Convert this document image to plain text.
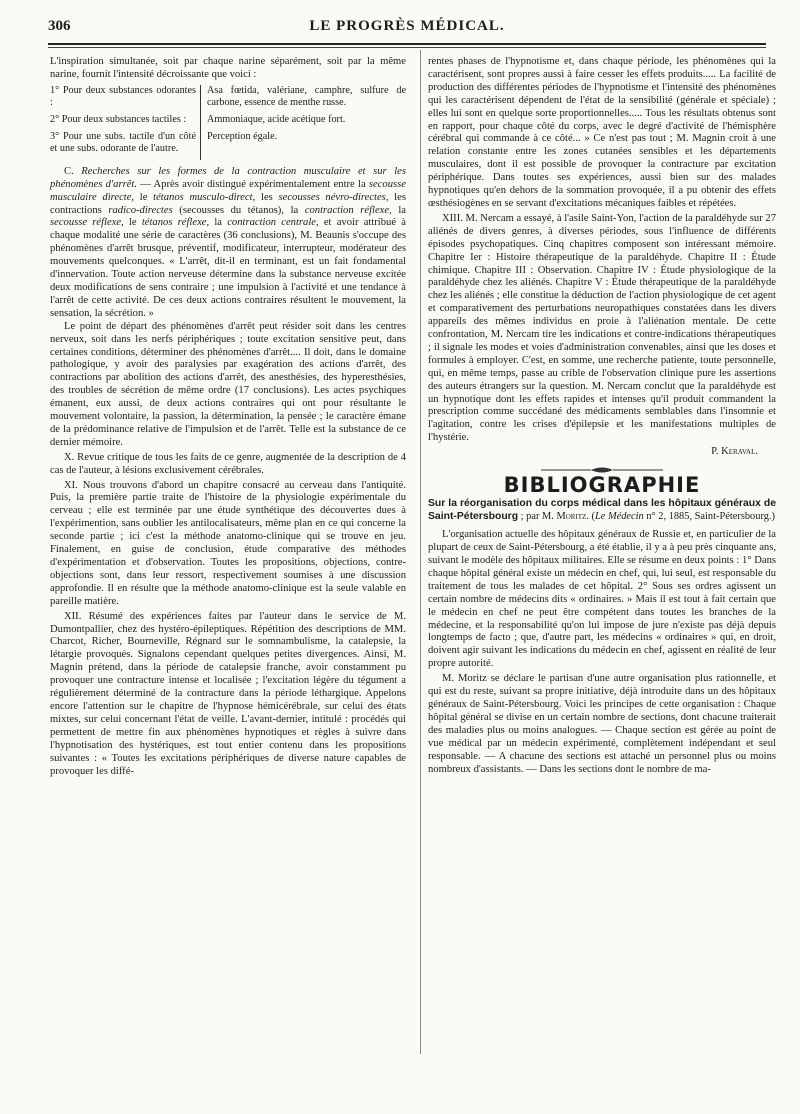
306	LE PROGRÈS MÉDICAL.

L'inspiration simultanée, soit par chaque narine séparément, soit par la même narine, fournit l'intensité décroissante que voici :

1° Pour deux substances odorantes :	Asa fœtida, valériane, camphre, sulfure de carbone, essence de menthe russe.
2° Pour deux substances tactiles :	Ammoniaque, acide acétique fort.
3° Pour une subs. tactile d'un côté et une subs. odorante de l'autre.	Perception égale.

C. Recherches sur les formes de la contraction musculaire et sur les phénomènes d'arrêt. — Après avoir distingué expérimentalement entre la secousse musculaire directe, le tétanos musculo-direct, les secousses névro-directes, les contractions radico-directes (secousses du tétanos), la contraction réflexe, la secousse réflexe, le tétanos réflexe, la contraction centrale, et avoir attribué à chaque modalité une série de caractères (36 conclusions), M. Beaunis s'occupe des phénomènes d'arrêt brusque, préventif, modificateur, interrupteur, modérateur des mouvements quelconques. « L'arrêt, dit-il en terminant, est un fait fondamental d'innervation. Toute action nerveuse détermine dans la substance nerveuse excitée deux modifications de sens contraire ; une impulsion à l'activité et une tendance à l'arrêt de cette activité. De ces deux actions contraires résultent le mouvement, la sensation, la sécrétion. »

Le point de départ des phénomènes d'arrêt peut résider soit dans les centres nerveux, soit dans les nerfs périphériques ; toute excitation sensitive peut, dans certaines conditions, déterminer des phénomènes d'arrêt.... Il doit, dans le domaine pathologique, y avoir des paralysies par exagération des actions d'arrêt, des contractions par abolition des actions d'arrêt, des anesthésies, des hyperesthésies, des troubles de sécrétion de même ordre (17 conclusions). Les actes psychiques émanent, eux aussi, de deux actions contraires qui ont pour résultante le mouvement volontaire, la passion, la détermination, la pensée ; le caractère émane de la prédominance relative de l'impulsion et de l'arrêt. Telle est la substance de ce dernier mémoire.

X. Revue critique de tous les faits de ce genre, augmentée de la description de 4 cas de l'auteur, à lésions exclusivement cérébrales.

XI. Nous trouvons d'abord un chapitre consacré au cerveau dans l'antiquité. Puis, la première partie traite de l'histoire de la physiologie expérimentale du cerveau ; elle est terminée par une étude synthétique des découvertes dues à l'expérimention, sans oublier les antilocalisateurs, même plan en ce qui concerne la seconde partie ; ici c'est la méthode anatomo-clinique qui se trouve en jeu. Finalement, en guise de conclusion, étude comparative des méthodes d'expérimentation et d'observation. Toutes les propositions, objections, contre-objections sont, dans leur ressort, respectivement soumises à une discussion approfondie. Il en résulte que la méthode anatomo-clinique est la seule valable en pareille matière.

XII. Résumé des expériences faites par l'auteur dans le service de M. Dumontpallier, chez des hystéro-épileptiques. Répétition des descriptions de MM. Charcot, Richer, Bourneville, Régnard sur le somnambulisme, la catalepsie, la létargie provoqués. Signalons cependant quelques petites divergences. Ainsi, M. Magnin prétend, dans la période de catalepsie franche, avoir constamment pu provoquer une contracture intense et localisée ; l'excitation légère du tégument a régulièrement déterminé de la contracture dans la période léthargique. Appelons encore l'attention sur le chapitre de l'hypnose hémicérébrale, sur celui des états mixtes, sur celui concernant l'état de veille. L'avant-dernier, intitulé : procédés qui permettent de mettre fin aux phénomènes hypnotiques et règles à suivre dans l'hypnotisation des hystériques, est tout entier contenu dans les propositions suivantes : « Toutes les excitations périphériques de diverse nature capables de provoquer les diffé-

rentes phases de l'hypnotisme et, dans chaque période, les phénomènes qui la caractérisent, sont propres aussi à faire cesser les effets produits..... La facilité de production des différentes périodes de l'hypnotisme et l'intensité des phénomènes qui les caractérisent dépendent de l'état de la sensibilité (générale et spéciale) ; elles lui sont en quelque sorte proportionnelles..... Tous les résultats obtenus sont en rapport, pour chaque côté du corps, avec le degré d'activité de l'hémisphère cérébral qui commande à ce côté... » Ce n'est pas tout ; M. Magnin croit à une relation constante entre les zones cutanées sensibles et les départements musculaires, dont il est possible de provoquer la contracture par excitation périphérique. Dans toutes ses expériences, aussi bien sur des malades hypnotiques qu'en dehors de la sommation provoquée, il a pu obtenir des effets œsthésiogènes en se servant d'excitations mécaniques faibles et répétées.

XIII. M. Nercam a essayé, à l'asile Saint-Yon, l'action de la paraldéhyde sur 27 aliénés de divers genres, à diverses périodes, sous l'influence de différents épisodes psychopatiques. Cinq chapitres composent son intéressant mémoire. Chapitre Ier : Histoire thérapeutique de la paraldéhyde. Chapitre II : Étude chimique. Chapitre III : Observation. Chapitre IV : Étude physiologique de la paraldéhyde chez les aliénés. Chapitre V : Étude thérapeutique de la paraldéhyde chez les aliénés ; elle constitue la déduction de l'action physiologique de cet agent et comparativement des perturbations neuropathiques constatées dans les divers appareils des mêmes individus en proie à l'aliénation mentale. De cette confrontation, M. Nercam tire les indications et contre-indications thérapeutiques ; il signale les modes et voies d'administration convenables, ainsi que les doses et formules à employer. C'est, en somme, une recherche patiente, toute personnelle, qui, en même temps, passe au crible de l'observation clinique pure les assertions des auteurs étrangers sur la question. M. Nercam conclut que la paraldéhyde est un hypnotique dont les effets rapides et intenses qu'il produit commandent la prescription comme succédané des médicaments semblables dans l'insomnie et l'agitation, contre les crises d'épilepsie et les manifestations multiples de l'hystérie.

P. Keraval.
BIBLIOGRAPHIE
Sur la réorganisation du corps médical dans les hôpitaux généraux de Saint-Pétersbourg ; par M. Moritz. (Le Médecin n° 2, 1885, Saint-Pétersbourg.)

L'organisation actuelle des hôpitaux généraux de Russie et, en particulier de la plupart de ceux de Saint-Pétersbourg, a été établie, il y a à peu près cinquante ans, suivant le modèle des hôpitaux militaires. Elle se résume en deux points : 1° Dans chaque hôpital général existe un médecin en chef, qui, lui seul, est responsable du traitement de tous les malades de cet hôpital. 2° Sous ses ordres agissent un certain nombre de médecins dits « ordinaires. » Mais il est tout à fait certain que le médecin en chef ne peut être compétent dans toutes les branches de la médecine, et la responsabilité qu'on lui impose de jure n'existe pas déjà depuis longtemps de facto ; que, d'autre part, les médecins « ordinaires » qui, en droit, doivent agir suivant les indications du médecin en chef, agissent en réalité de leur propre autorité.

M. Moritz se déclare le partisan d'une autre organisation plus rationnelle, et qui est du reste, suivant sa propre initiative, déjà introduite dans un des hôpitaux généraux de Saint-Pétersbourg. Voici les principes de cette organisation : Chaque hôpital général se divise en un certain nombre de sections, dont chacune traiterait des maladies plus ou moins analogues. — Chaque section est gérée au point de vue médical par un médecin expérimenté, complètement indépendant et seul responsable. — A chacune des sections est attaché un personnel plus ou moins nombreux d'assistants. — Dans les sections dont le nombre de ma-
